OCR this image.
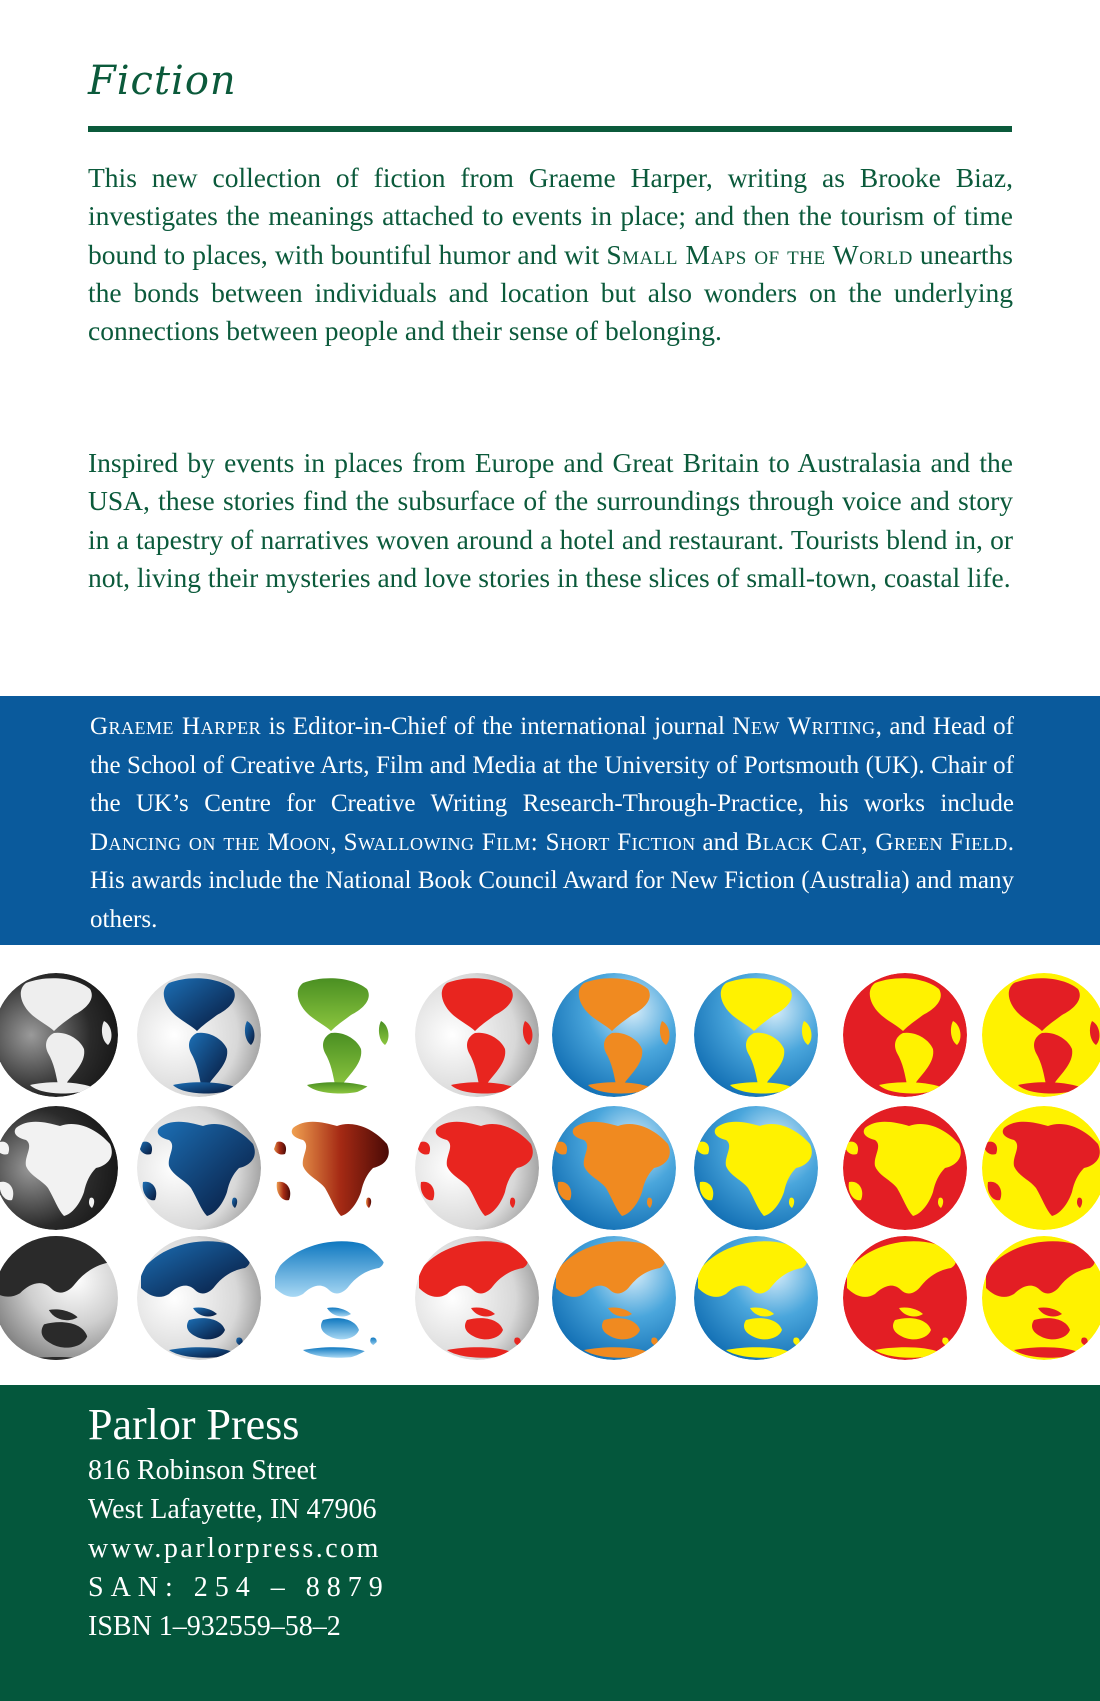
Fiction
This new collection of fiction from Graeme Harper, writing as Brooke Biaz, investigates the meanings attached to events in place; and then the tourism of time bound to places, with bountiful humor and wit Small Maps of the World unearths the bonds between individuals and location but also wonders on the underlying connections between people and their sense of belonging.
Inspired by events in places from Europe and Great Britain to Australasia and the USA, these stories find the subsurface of the surroundings through voice and story in a tapestry of narratives woven around a hotel and restaurant. Tourists blend in, or not, living their mysteries and love stories in these slices of small-town, coastal life.
Graeme Harper is Editor-in-Chief of the international journal New Writing, and Head of the School of Creative Arts, Film and Media at the University of Portsmouth (UK). Chair of the UK’s Centre for Creative Writing Research-Through-Practice, his works include Dancing on the Moon, Swallowing Film: Short Fiction and Black Cat, Green Field. His awards include the National Book Council Award for New Fiction (Australia) and many others.
Parlor Press
816 Robinson Street
West Lafayette, IN 47906
www.parlorpress.com
SAN: 254 – 8879
ISBN 1–932559–58–2
